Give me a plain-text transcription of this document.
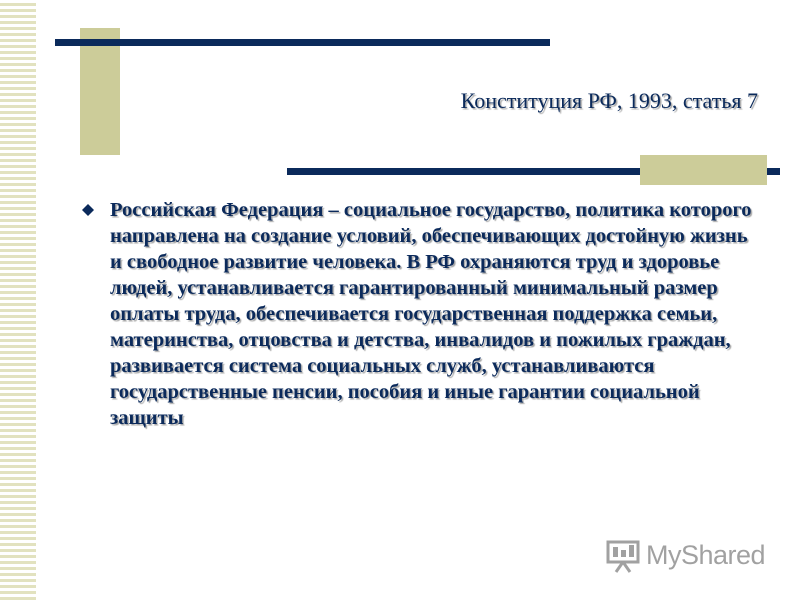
Конституция РФ, 1993, статья 7
Российская Федерация – социальное государство, политика которого направлена на создание условий, обеспечивающих достойную жизнь и свободное развитие человека. В РФ охраняются труд и здоровье людей, устанавливается гарантированный минимальный размер оплаты труда, обеспечивается государственная поддержка семьи, материнства, отцовства и детства, инвалидов и пожилых граждан, развивается система социальных служб, устанавливаются государственные пенсии, пособия и иные гарантии социальной защиты
MyShared
